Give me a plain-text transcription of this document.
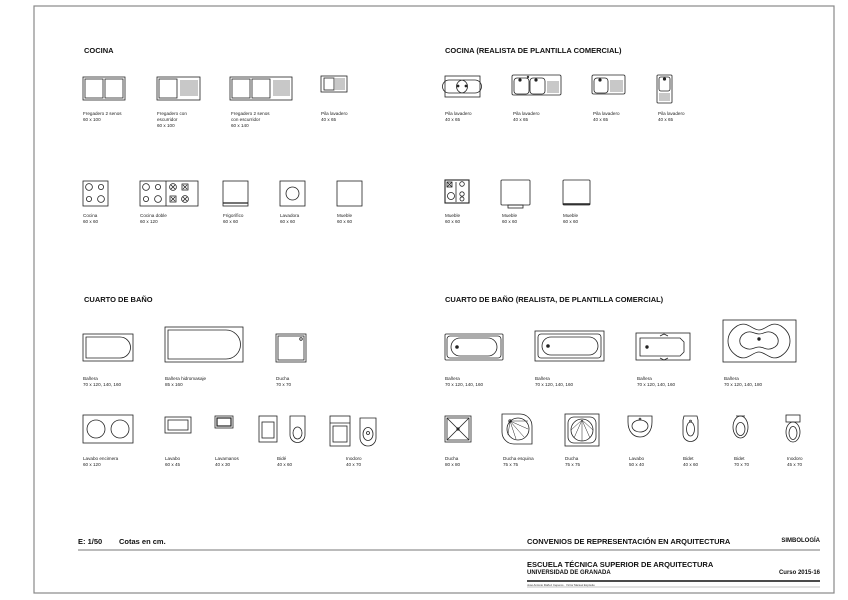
COCINA	COCINA (REALISTA DE PLANTILLA COMERCIAL)
CUARTO DE BAÑO	CUARTO DE BAÑO (REALISTA, DE PLANTILLA COMERCIAL)
Fregadero 2 senos
60 x 100
Fregadero con escurridor
60 x 100
Fregadero 2 senos con escurridor
60 x 140
Pila lavadero
40 x 65
Cocina
60 x 60
Cocina doble
60 x 120
Frigorífico
60 x 60
Lavadora
60 x 60
Mueble
60 x 60
Pila lavadero
40 x 65
Pila lavadero
40 x 65
Pila lavadero
40 x 65
Pila lavadero
40 x 65
Mueble
60 x 60
Mueble
60 x 60
Mueble
60 x 60
Bañera
70 x 120, 140, 160
Bañera hidromasaje
85 x 160
Ducha
70 x 70
Lavabo encimera
60 x 120
Lavabo
60 x 45
Lavamanos
40 x 30
Bidé
40 x 60
Inodoro
40 x 70
Bañera
70 x 120, 140, 160
Bañera
70 x 120, 140, 160
Bañera
70 x 120, 140, 160
Bañera
70 x 120, 140, 180
Ducha
80 x 80
Ducha esquina
75 x 75
Ducha
75 x 75
Lavabo
50 x 40
Bidet
40 x 60
Bidet
70 x 70
Inodoro
45 x 70
E: 1/50 Cotas en cm.	CONVENIOS DE REPRESENTACIÓN EN ARQUITECTURA	SIMBOLOGÍA
ESCUELA TÉCNICA SUPERIOR DE ARQUITECTURA
UNIVERSIDAD DE GRANADA	Curso 2015-16
José Antonio Ibáñez Ceperos · Víctor Manuel Expósito
